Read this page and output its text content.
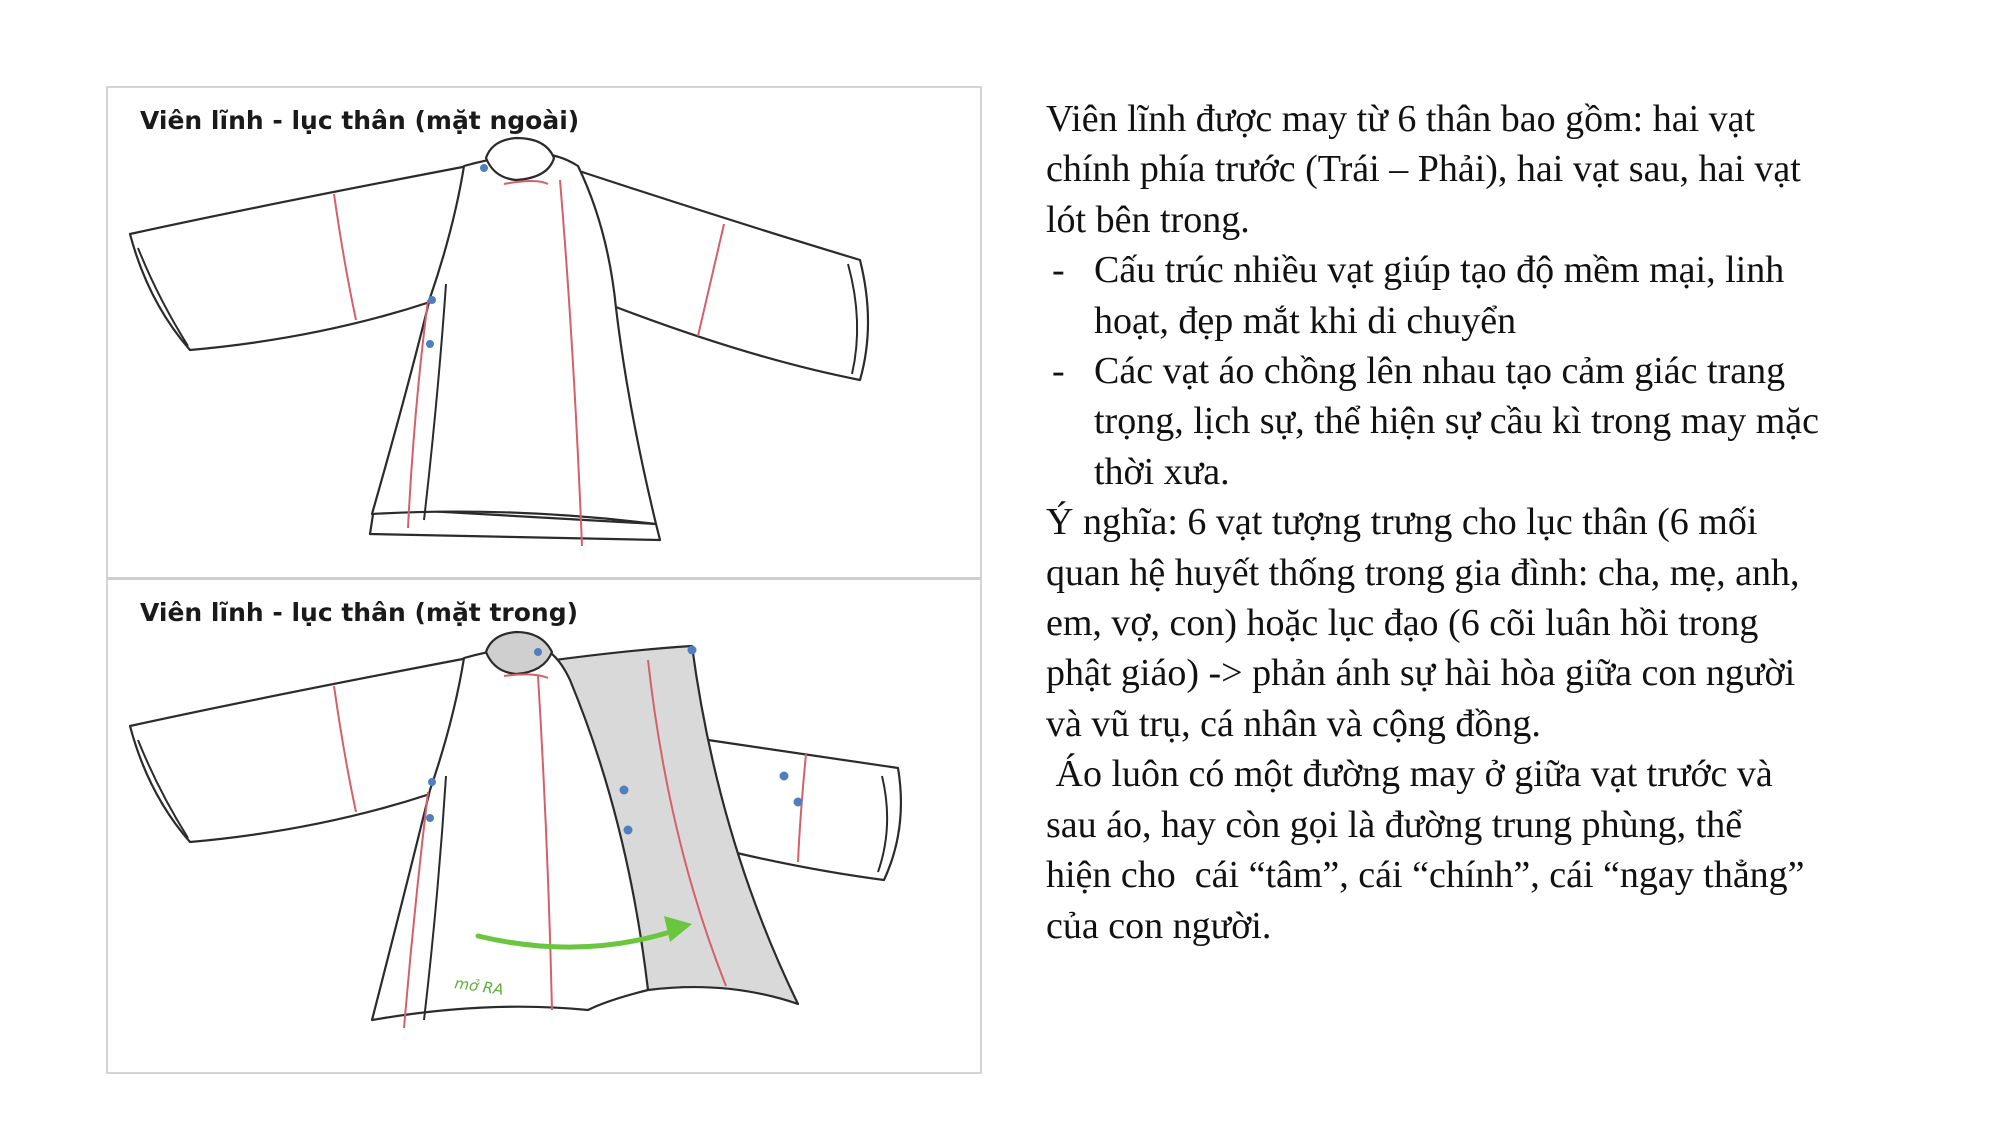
Viên lĩnh - lục thân (mặt ngoài)
Viên lĩnh - lục thân (mặt trong)
mở RA

Viên lĩnh được may từ 6 thân bao gồm: hai vạt

chính phía trước (Trái – Phải), hai vạt sau, hai vạt

lót bên trong.

- Cấu trúc nhiều vạt giúp tạo độ mềm mại, linh
hoạt, đẹp mắt khi di chuyển
- Các vạt áo chồng lên nhau tạo cảm giác trang
trọng, lịch sự, thể hiện sự cầu kì trong may mặc
thời xưa.

Ý nghĩa: 6 vạt tượng trưng cho lục thân (6 mối

quan hệ huyết thống trong gia đình: cha, mẹ, anh,

em, vợ, con) hoặc lục đạo (6 cõi luân hồi trong

phật giáo) -> phản ánh sự hài hòa giữa con người

và vũ trụ, cá nhân và cộng đồng.

Áo luôn có một đường may ở giữa vạt trước và

sau áo, hay còn gọi là đường trung phùng, thể

hiện cho  cái “tâm”, cái “chính”, cái “ngay thẳng”

của con người.
